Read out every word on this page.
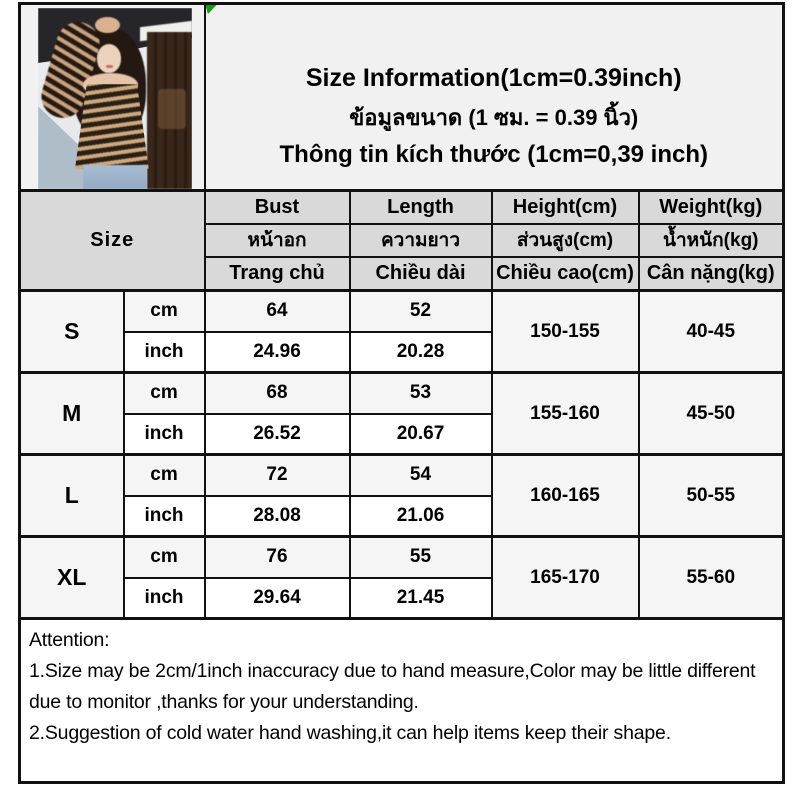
		Size Information(1cm=0.39inch)
ข้อมูลขนาด (1 ซม. = 0.39 นิ้ว)
Thông tin kích thước (1cm=0,39 inch)			

Size		Bust	Length	Height(cm)	Weight(kg)
		หน้าอก	ความยาว	ส่วนสูง(cm)	น้ำหนัก(kg)
		Trang chủ	Chiều dài	Chiều cao(cm)	Cân nặng(kg)
S	cm	64	52	150-155	40-45
	inch	24.96	20.28		
M	cm	68	53	155-160	45-50
	inch	26.52	20.67		
L	cm	72	54	160-165	50-55
	inch	28.08	21.06		
XL	cm	76	55	165-170	55-60
	inch	29.64	21.45		

Attention:
1.Size may be 2cm/1inch inaccuracy due to hand measure,Color may be little different due to monitor ,thanks for your understanding.
2.Suggestion of cold water hand washing,it can help items keep their shape.					
